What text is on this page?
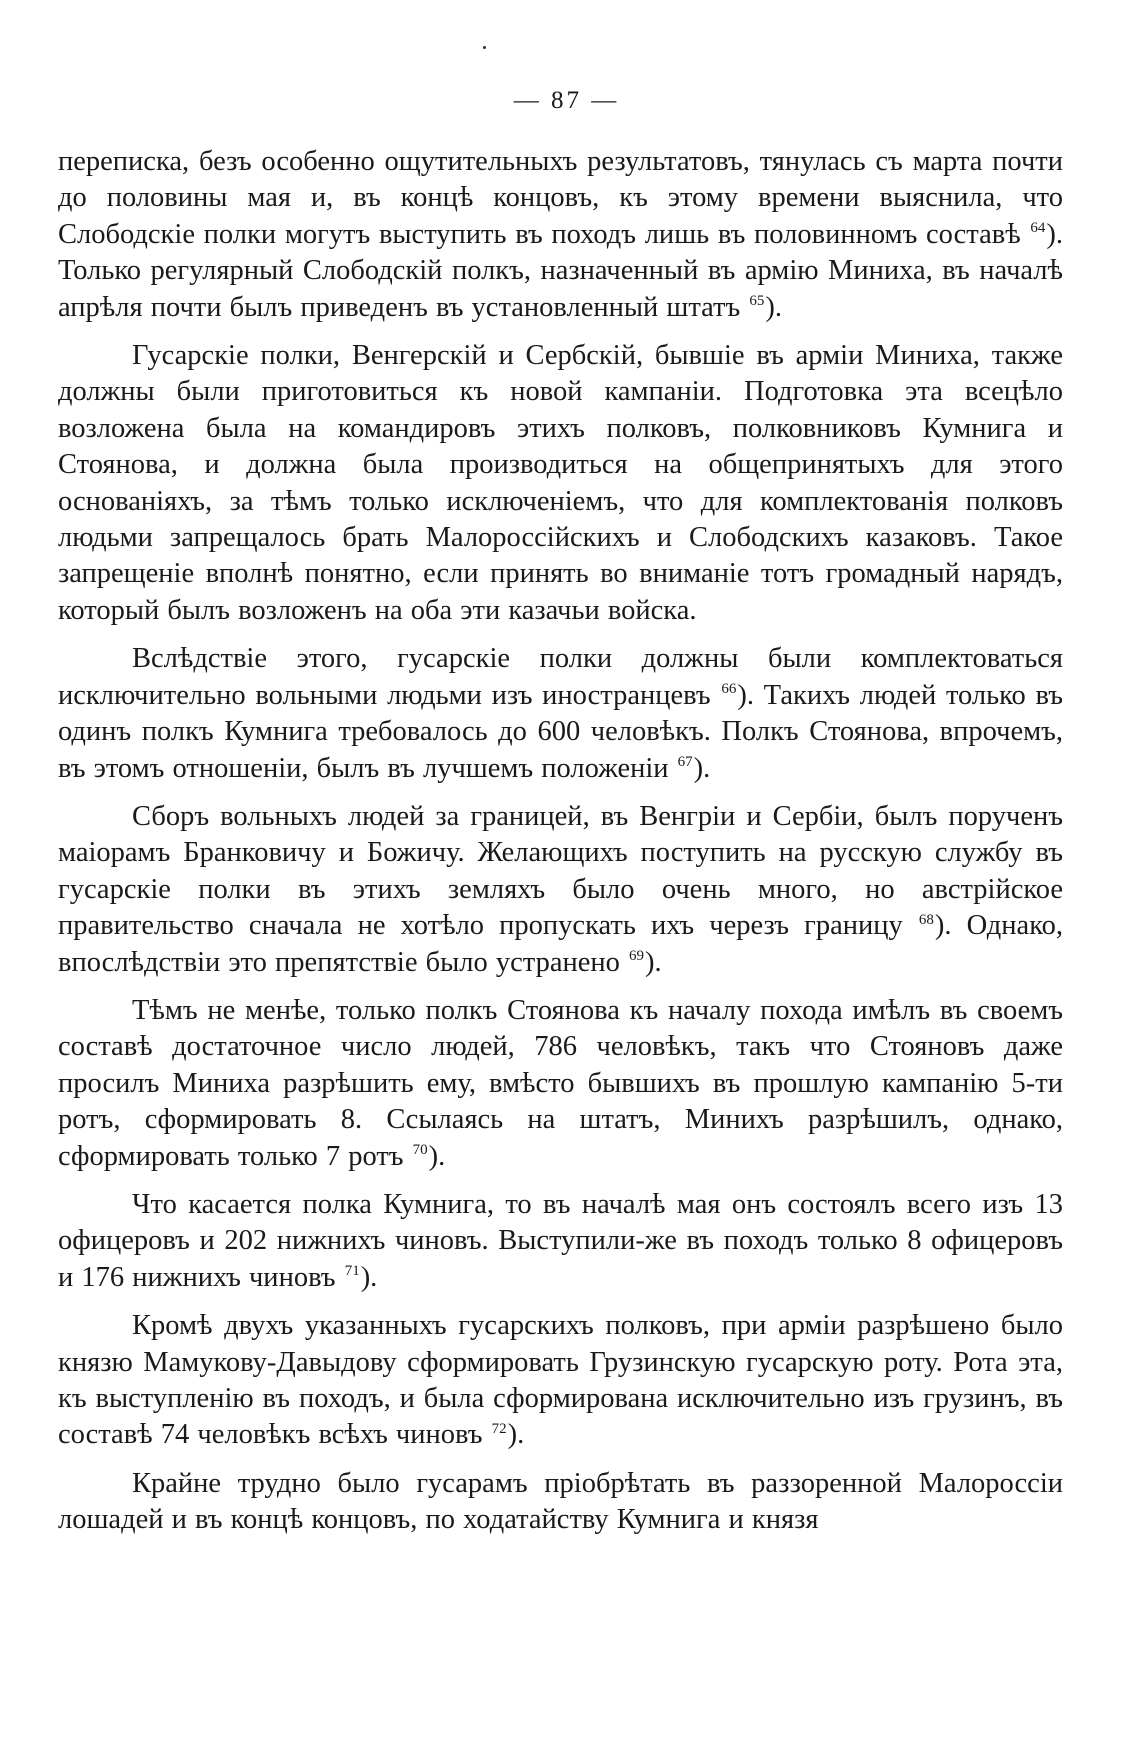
— 87 —

переписка, безъ особенно ощутительныхъ результатовъ, тянулась съ марта почти до половины мая и, въ концѣ концовъ, къ этому времени выяснила, что Слободскіе полки могутъ выступить въ походъ лишь въ половинномъ составѣ $^{64}$). Только регулярный Слободскій полкъ, назначенный въ армію Миниха, въ началѣ апрѣля почти былъ приведенъ въ установленный штатъ $^{65}$).

Гусарскіе полки, Венгерскій и Сербскій, бывшіе въ арміи Миниха, также должны были приготовиться къ новой кампаніи. Подготовка эта всецѣло возложена была на командировъ этихъ полковъ, полковниковъ Кумнига и Стоянова, и должна была производиться на общепринятыхъ для этого основаніяхъ, за тѣмъ только исключеніемъ, что для комплектованія полковъ людьми запрещалось брать Малороссійскихъ и Слободскихъ казаковъ. Такое запрещеніе вполнѣ понятно, если принять во вниманіе тотъ громадный нарядъ, который былъ возложенъ на оба эти казачьи войска.

Вслѣдствіе этого, гусарскіе полки должны были комплектоваться исключительно вольными людьми изъ иностранцевъ $^{66}$). Такихъ людей только въ одинъ полкъ Кумнига требовалось до 600 человѣкъ. Полкъ Стоянова, впрочемъ, въ этомъ отношеніи, былъ въ лучшемъ положеніи $^{67}$).

Сборъ вольныхъ людей за границей, въ Венгріи и Сербіи, былъ порученъ маіорамъ Бранковичу и Божичу. Желающихъ поступить на русскую службу въ гусарскіе полки въ этихъ земляхъ было очень много, но австрійское правительство сначала не хотѣло пропускать ихъ черезъ границу $^{68}$). Однако, впослѣдствіи это препятствіе было устранено $^{69}$).

Тѣмъ не менѣе, только полкъ Стоянова къ началу похода имѣлъ въ своемъ составѣ достаточное число людей, 786 человѣкъ, такъ что Стояновъ даже просилъ Миниха разрѣшить ему, вмѣсто бывшихъ въ прошлую кампанію 5-ти ротъ, сформировать 8. Ссылаясь на штатъ, Минихъ разрѣшилъ, однако, сформировать только 7 ротъ $^{70}$).

Что касается полка Кумнига, то въ началѣ мая онъ состоялъ всего изъ 13 офицеровъ и 202 нижнихъ чиновъ. Выступили-же въ походъ только 8 офицеровъ и 176 нижнихъ чиновъ $^{71}$).

Кромѣ двухъ указанныхъ гусарскихъ полковъ, при арміи разрѣшено было князю Мамукову-Давыдову сформировать Грузинскую гусарскую роту. Рота эта, къ выступленію въ походъ, и была сформирована исключительно изъ грузинъ, въ составѣ 74 человѣкъ всѣхъ чиновъ $^{72}$).

Крайне трудно было гусарамъ пріобрѣтать въ раззоренной Малороссіи лошадей и въ концѣ концовъ, по ходатайству Кумнига и князя
